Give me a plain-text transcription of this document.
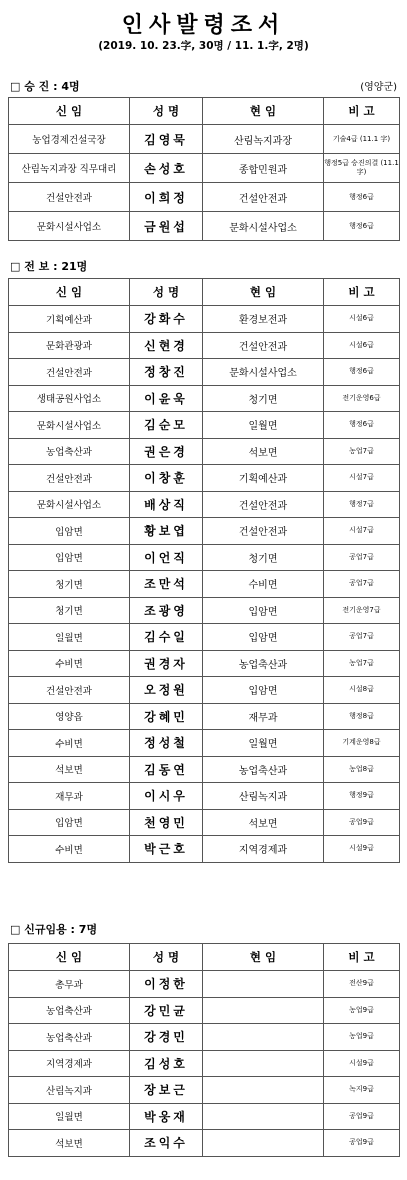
인사발령조서
(2019. 10. 23.字, 30명 / 11. 1.字, 2명)
□ 승 진 : 4명	(영양군)
신 임	성 명	현 임	비 고
농업경제건설국장	김영묵	산림녹지과장	기술4급 (11.1 字)
산림녹지과장 직무대리	손성호	종합민원과	행정5급 승진의결 (11.1 字)
건설안전과	이희정	건설안전과	행정6급
문화시설사업소	금원섭	문화시설사업소	행정6급
□ 전 보 : 21명
신 임	성 명	현 임	비 고
기획예산과	강화수	환경보전과	시설6급
문화관광과	신현경	건설안전과	시설6급
건설안전과	정창진	문화시설사업소	행정6급
생태공원사업소	이윤욱	청기면	전기운영6급
문화시설사업소	김순모	일월면	행정6급
농업축산과	권은경	석보면	농업7급
건설안전과	이창훈	기획예산과	시설7급
문화시설사업소	배상직	건설안전과	행정7급
입암면	황보엽	건설안전과	시설7급
입암면	이언직	청기면	공업7급
청기면	조만석	수비면	공업7급
청기면	조광영	입암면	전기운영7급
일월면	김수일	입암면	공업7급
수비면	권경자	농업축산과	농업7급
건설안전과	오정원	입암면	시설8급
영양읍	강혜민	재무과	행정8급
수비면	정성철	일월면	기계운영8급
석보면	김동연	농업축산과	농업8급
재무과	이시우	산림녹지과	행정9급
입암면	천영민	석보면	공업9급
수비면	박근호	지역경제과	시설9급
□ 신규임용 : 7명
신 임	성 명	현 임	비 고
총무과	이정한		전산9급
농업축산과	강민균		농업9급
농업축산과	강경민		농업9급
지역경제과	김성호		시설9급
산림녹지과	장보근		녹지9급
일월면	박웅재		공업9급
석보면	조익수		공업9급
